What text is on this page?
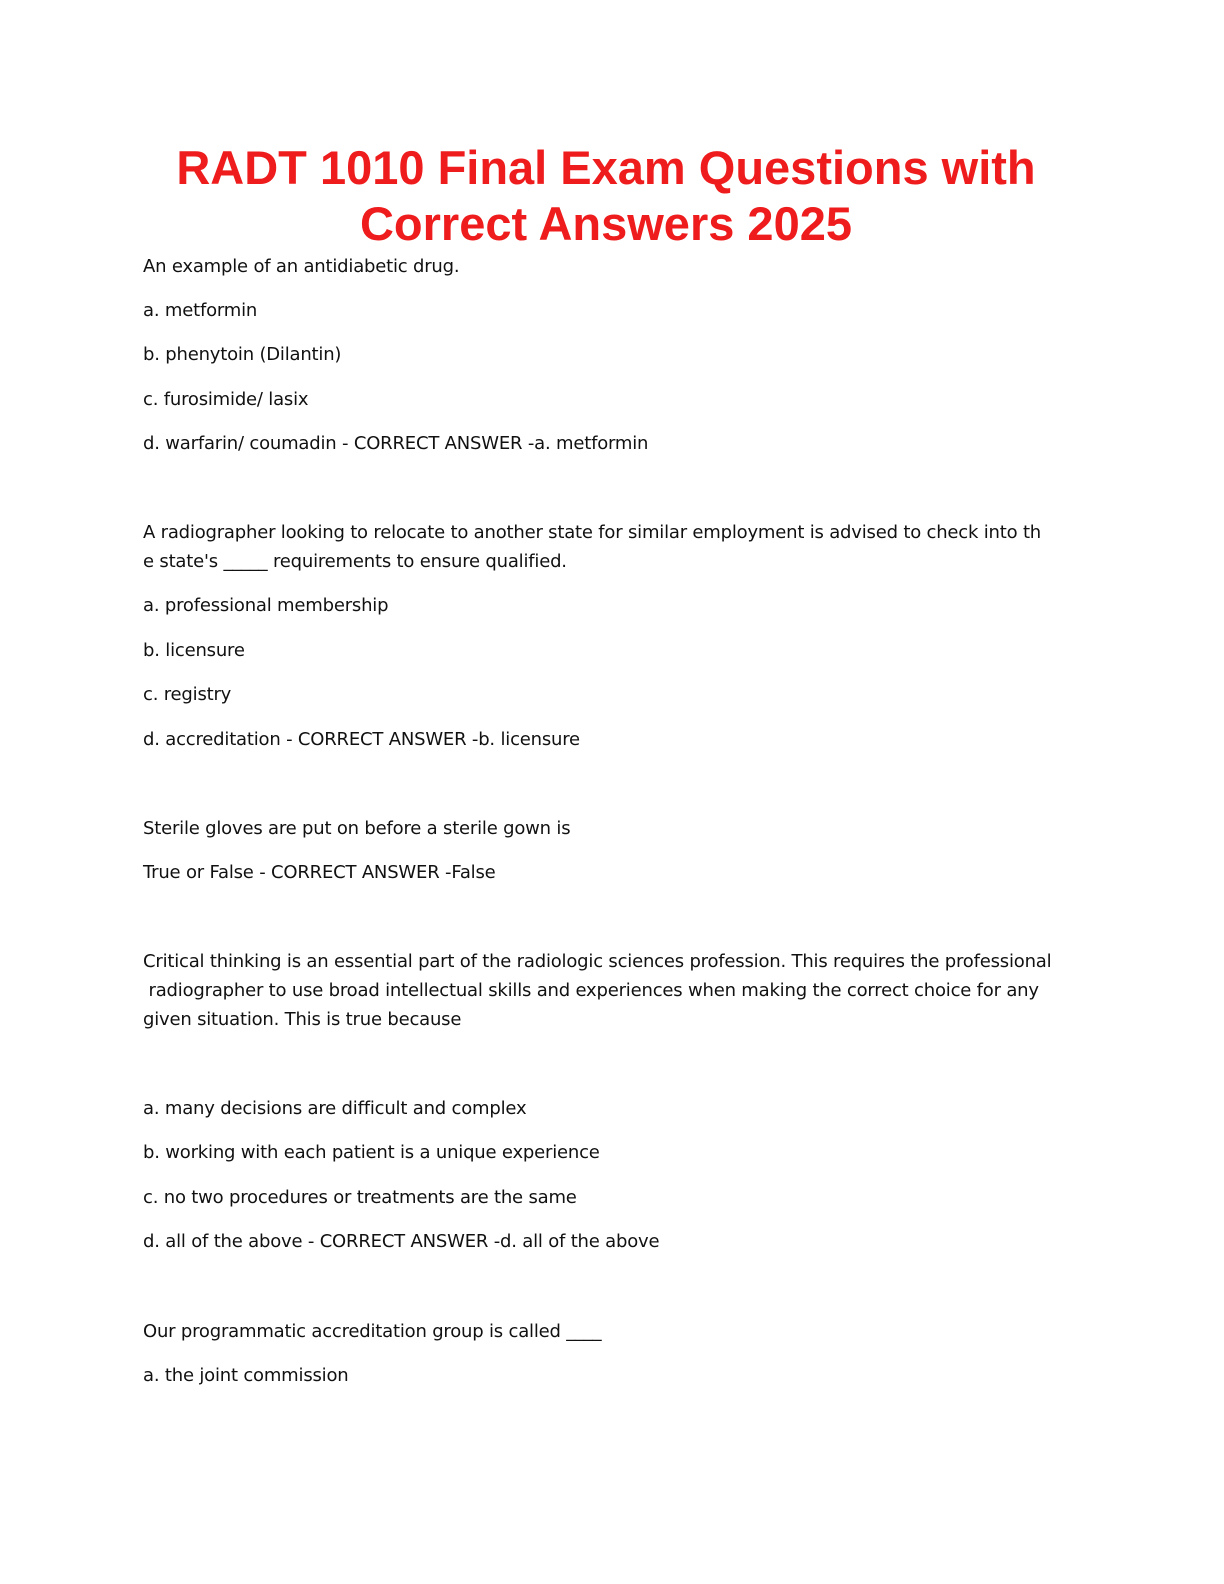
RADT 1010 Final Exam Questions with
Correct Answers 2025
An example of an antidiabetic drug.
a. metformin
b. phenytoin (Dilantin)
c. furosimide/ lasix
d. warfarin/ coumadin - CORRECT ANSWER -a. metformin
A radiographer looking to relocate to another state for similar employment is advised to check into th
e state's _____ requirements to ensure qualified.
a. professional membership
b. licensure
c. registry
d. accreditation - CORRECT ANSWER -b. licensure
Sterile gloves are put on before a sterile gown is
True or False - CORRECT ANSWER -False
Critical thinking is an essential part of the radiologic sciences profession. This requires the professional
radiographer to use broad intellectual skills and experiences when making the correct choice for any
given situation. This is true because
a. many decisions are difficult and complex
b. working with each patient is a unique experience
c. no two procedures or treatments are the same
d. all of the above - CORRECT ANSWER -d. all of the above
Our programmatic accreditation group is called ____
a. the joint commission
